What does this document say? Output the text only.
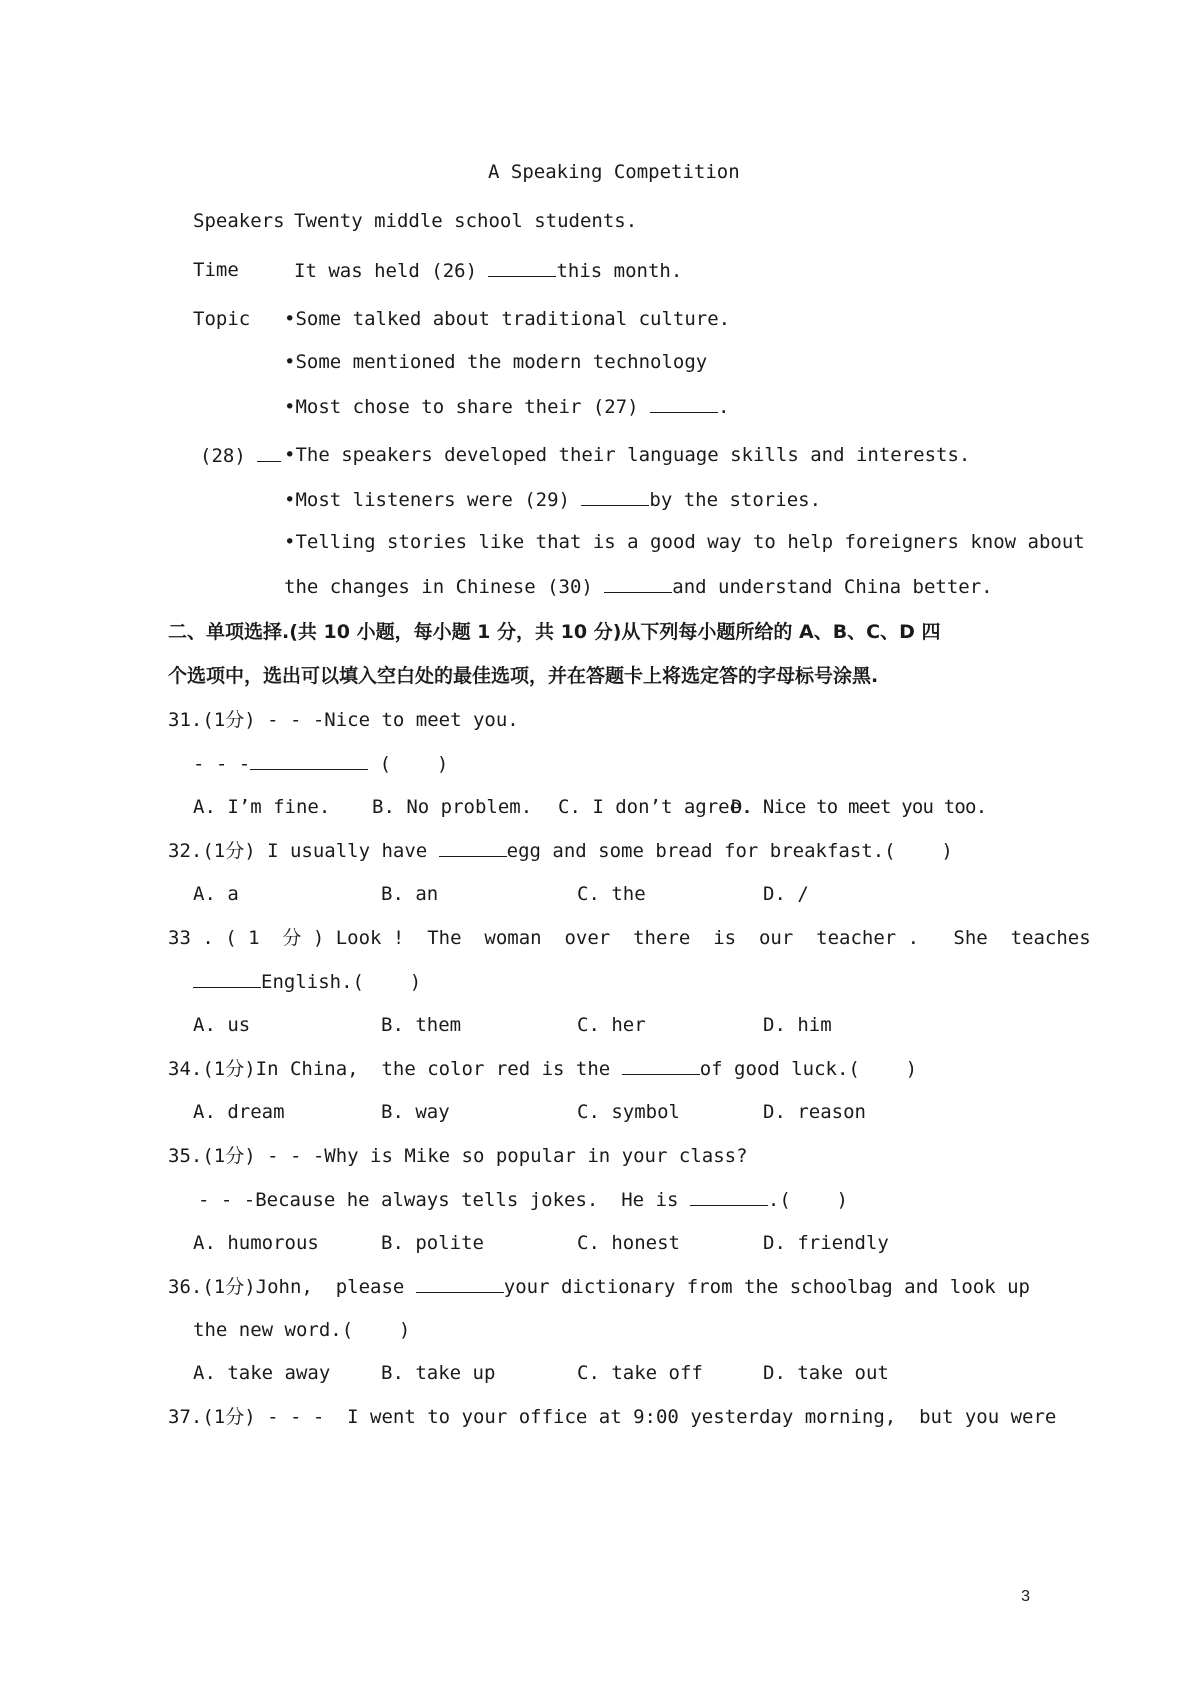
A Speaking Competition
Speakers Twenty middle school students.
Time	It was held (26)	this month.
Topic •Some talked about traditional culture.
•Some mentioned the modern technology
•Most chose to share their (27)	.
(28)	•The speakers developed their language skills and interests.
•Most listeners were (29)	by the stories.
•Telling stories like that is a good way to help foreigners know about
the changes in Chinese (30)	and understand China better.
二、单项选择.(共 10 小题，每小题 1 分，共 10 分)从下列每小题所给的 A、B、C、D 四
个选项中，选出可以填入空白处的最佳选项，并在答题卡上将选定答的字母标号涂黑.
31.(1分) - - -Nice to meet you.
- - -	(    )
A. I’m fine. B. No problem. C. I don’t agree.
D. Nice to meet you too.
32.(1分) I usually have	egg and some bread for breakfast.(    )
A. a	B. an	C. the	D. /
33 . ( 1  分 ) Look !  The  woman  over  there  is  our  teacher .   She  teaches
English.(    )
A. us	B. them	C. her	D. him
34.(1分)In China,  the color red is the	of good luck.(    )
A. dream	B. way	C. symbol	D. reason
35.(1分) - - -Why is Mike so popular in your class?
- - -Because he always tells jokes.  He is	.(    )
A. humorous	B. polite	C. honest	D. friendly
36.(1分)John,  please	your dictionary from the schoolbag and look up
the new word.(    )
A. take away	B. take up	C. take off	D. take out
37.(1分) - - -  I went to your office at 9:00 yesterday morning,  but you were
3
